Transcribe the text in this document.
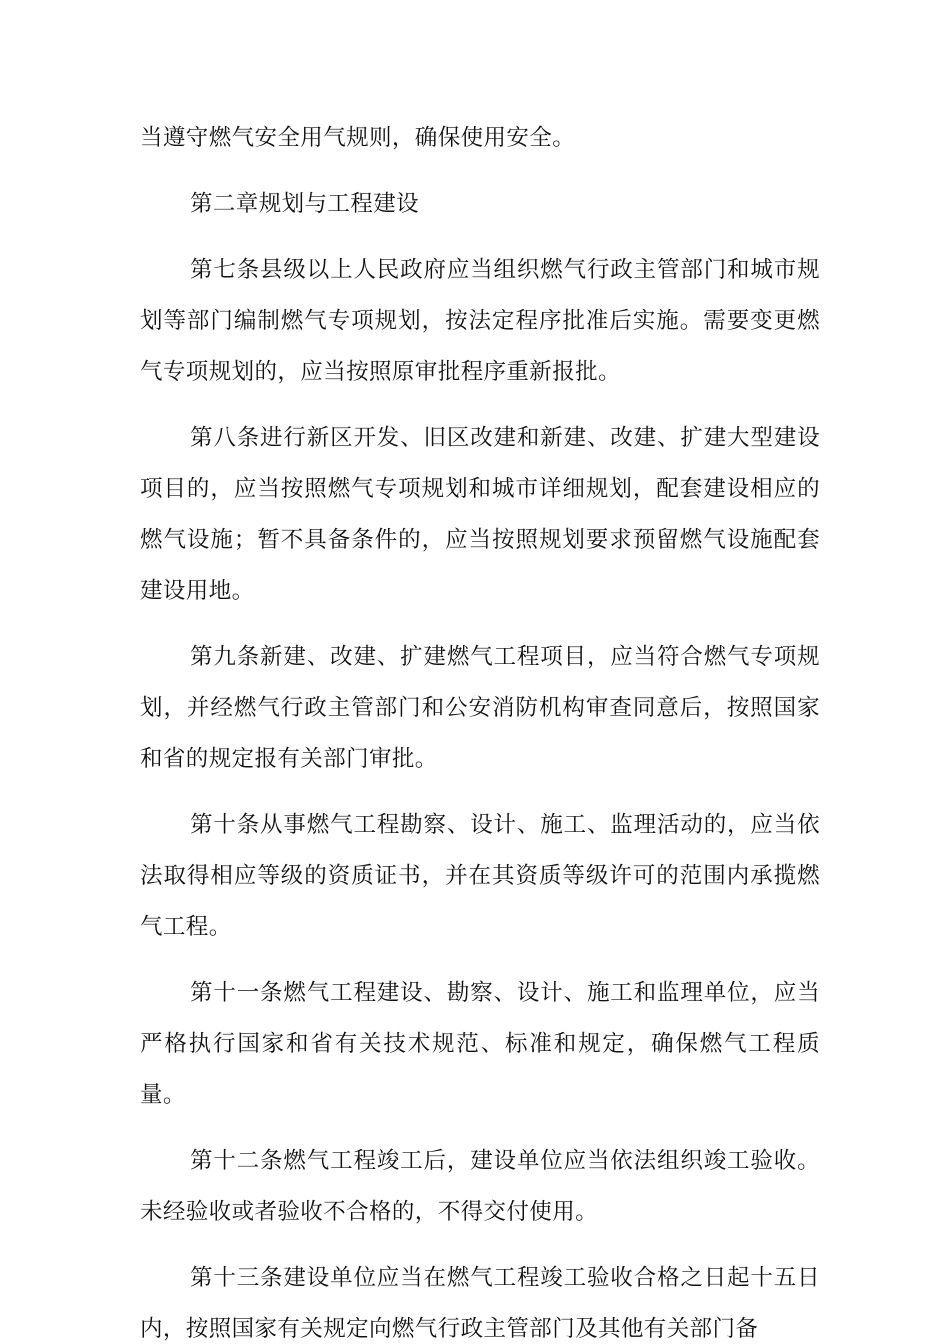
当遵守燃气安全用气规则，确保使用安全。

第二章规划与工程建设

第七条县级以上人民政府应当组织燃气行政主管部门和城市规划等部门编制燃气专项规划，按法定程序批准后实施。需要变更燃气专项规划的，应当按照原审批程序重新报批。

第八条进行新区开发、旧区改建和新建、改建、扩建大型建设项目的，应当按照燃气专项规划和城市详细规划，配套建设相应的燃气设施；暂不具备条件的，应当按照规划要求预留燃气设施配套建设用地。

第九条新建、改建、扩建燃气工程项目，应当符合燃气专项规划，并经燃气行政主管部门和公安消防机构审查同意后，按照国家和省的规定报有关部门审批。

第十条从事燃气工程勘察、设计、施工、监理活动的，应当依法取得相应等级的资质证书，并在其资质等级许可的范围内承揽燃气工程。

第十一条燃气工程建设、勘察、设计、施工和监理单位，应当严格执行国家和省有关技术规范、标准和规定，确保燃气工程质量。

第十二条燃气工程竣工后，建设单位应当依法组织竣工验收。未经验收或者验收不合格的，不得交付使用。

第十三条建设单位应当在燃气工程竣工验收合格之日起十五日内，按照国家有关规定向燃气行政主管部门及其他有关部门备
